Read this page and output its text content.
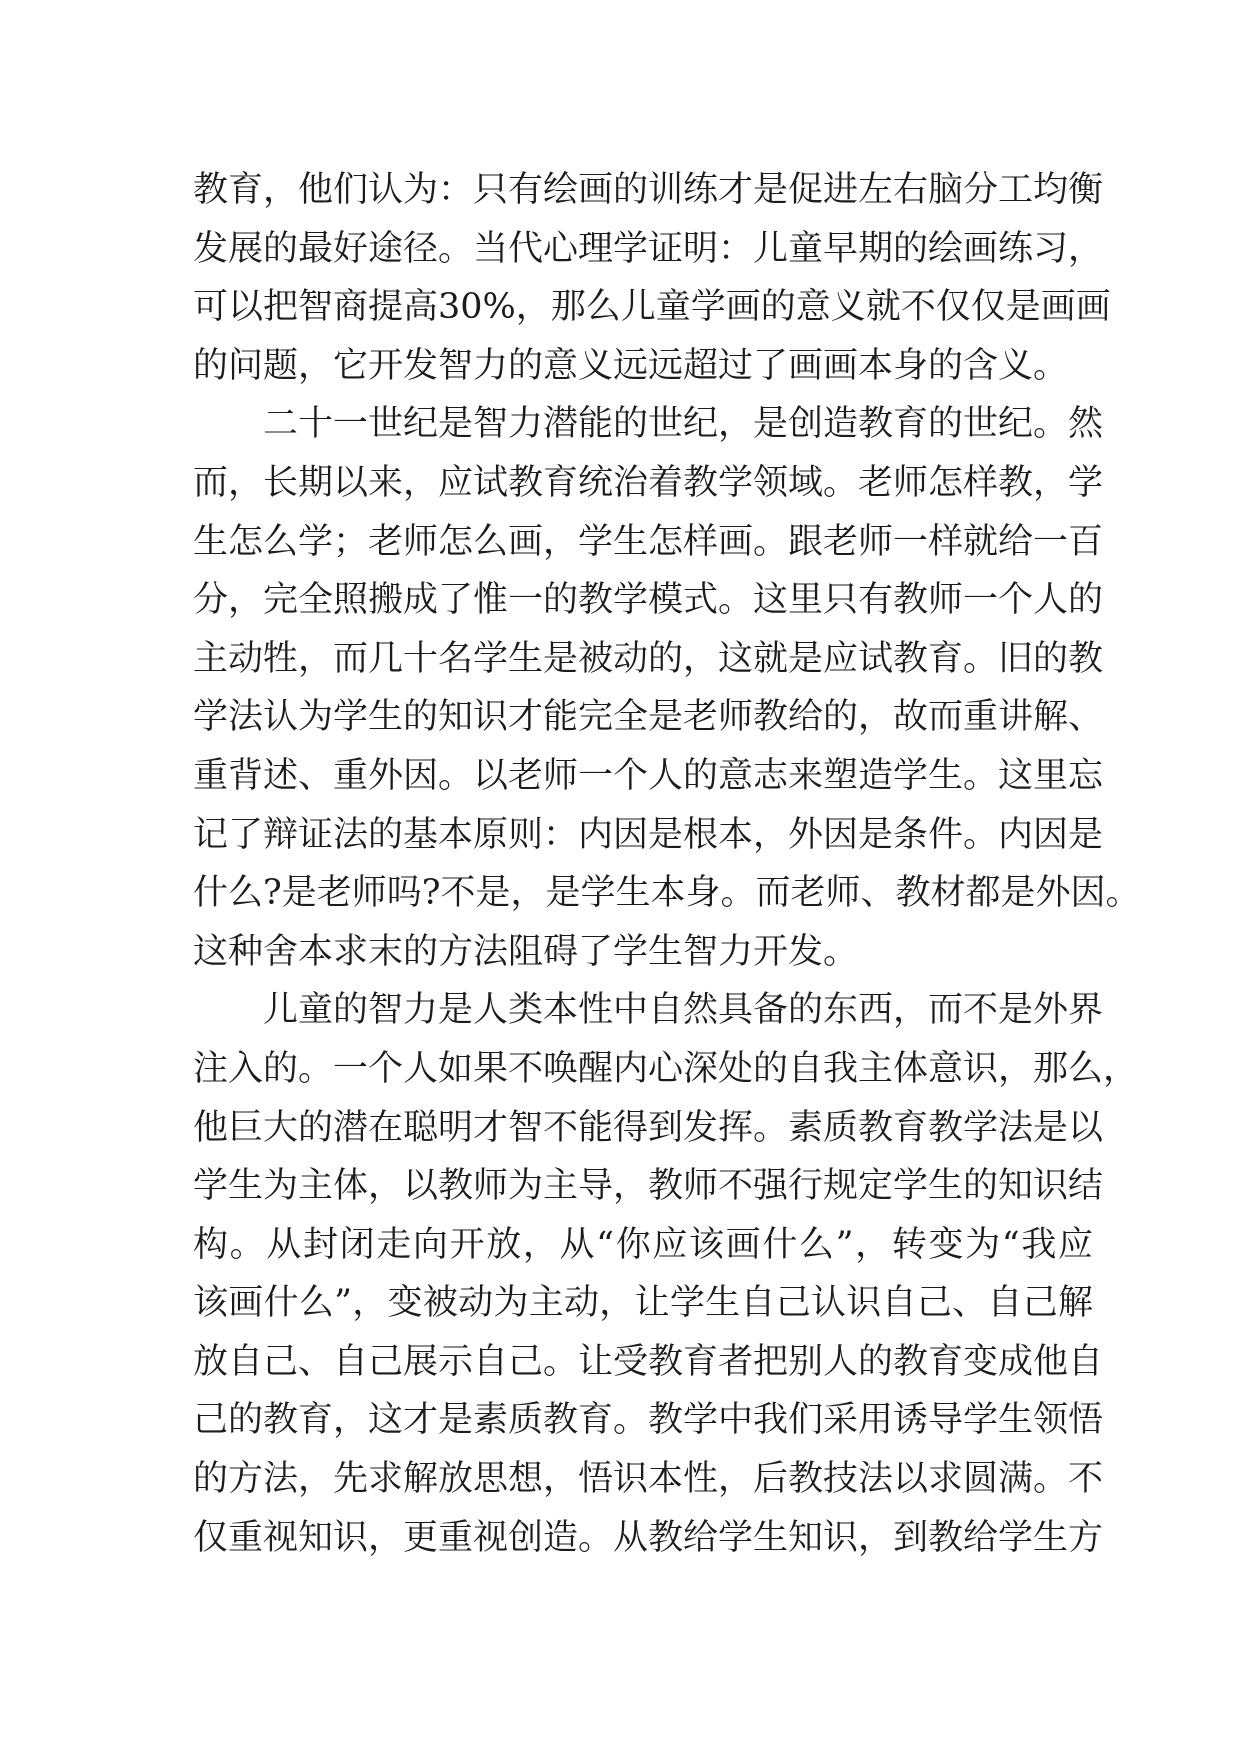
教育，他们认为：只有绘画的训练才是促进左右脑分工均衡
发展的最好途径。当代心理学证明：儿童早期的绘画练习，
可以把智商提高30%，那么儿童学画的意义就不仅仅是画画
的问题，它开发智力的意义远远超过了画画本身的含义。
二十一世纪是智力潜能的世纪，是创造教育的世纪。然
而，长期以来，应试教育统治着教学领域。老师怎样教，学
生怎么学；老师怎么画，学生怎样画。跟老师一样就给一百
分，完全照搬成了惟一的教学模式。这里只有教师一个人的
主动牲，而几十名学生是被动的，这就是应试教育。旧的教
学法认为学生的知识才能完全是老师教给的，故而重讲解、
重背述、重外因。以老师一个人的意志来塑造学生。这里忘
记了辩证法的基本原则：内因是根本，外因是条件。内因是
什么?是老师吗?不是，是学生本身。而老师、教材都是外因。
这种舍本求末的方法阻碍了学生智力开发。
儿童的智力是人类本性中自然具备的东西，而不是外界
注入的。一个人如果不唤醒内心深处的自我主体意识，那么，
他巨大的潜在聪明才智不能得到发挥。素质教育教学法是以
学生为主体，以教师为主导，教师不强行规定学生的知识结
构。从封闭走向开放，从“你应该画什么”，转变为“我应
该画什么”，变被动为主动，让学生自己认识自己、自己解
放自己、自己展示自己。让受教育者把别人的教育变成他自
己的教育，这才是素质教育。教学中我们采用诱导学生领悟
的方法，先求解放思想，悟识本性，后教技法以求圆满。不
仅重视知识，更重视创造。从教给学生知识，到教给学生方
